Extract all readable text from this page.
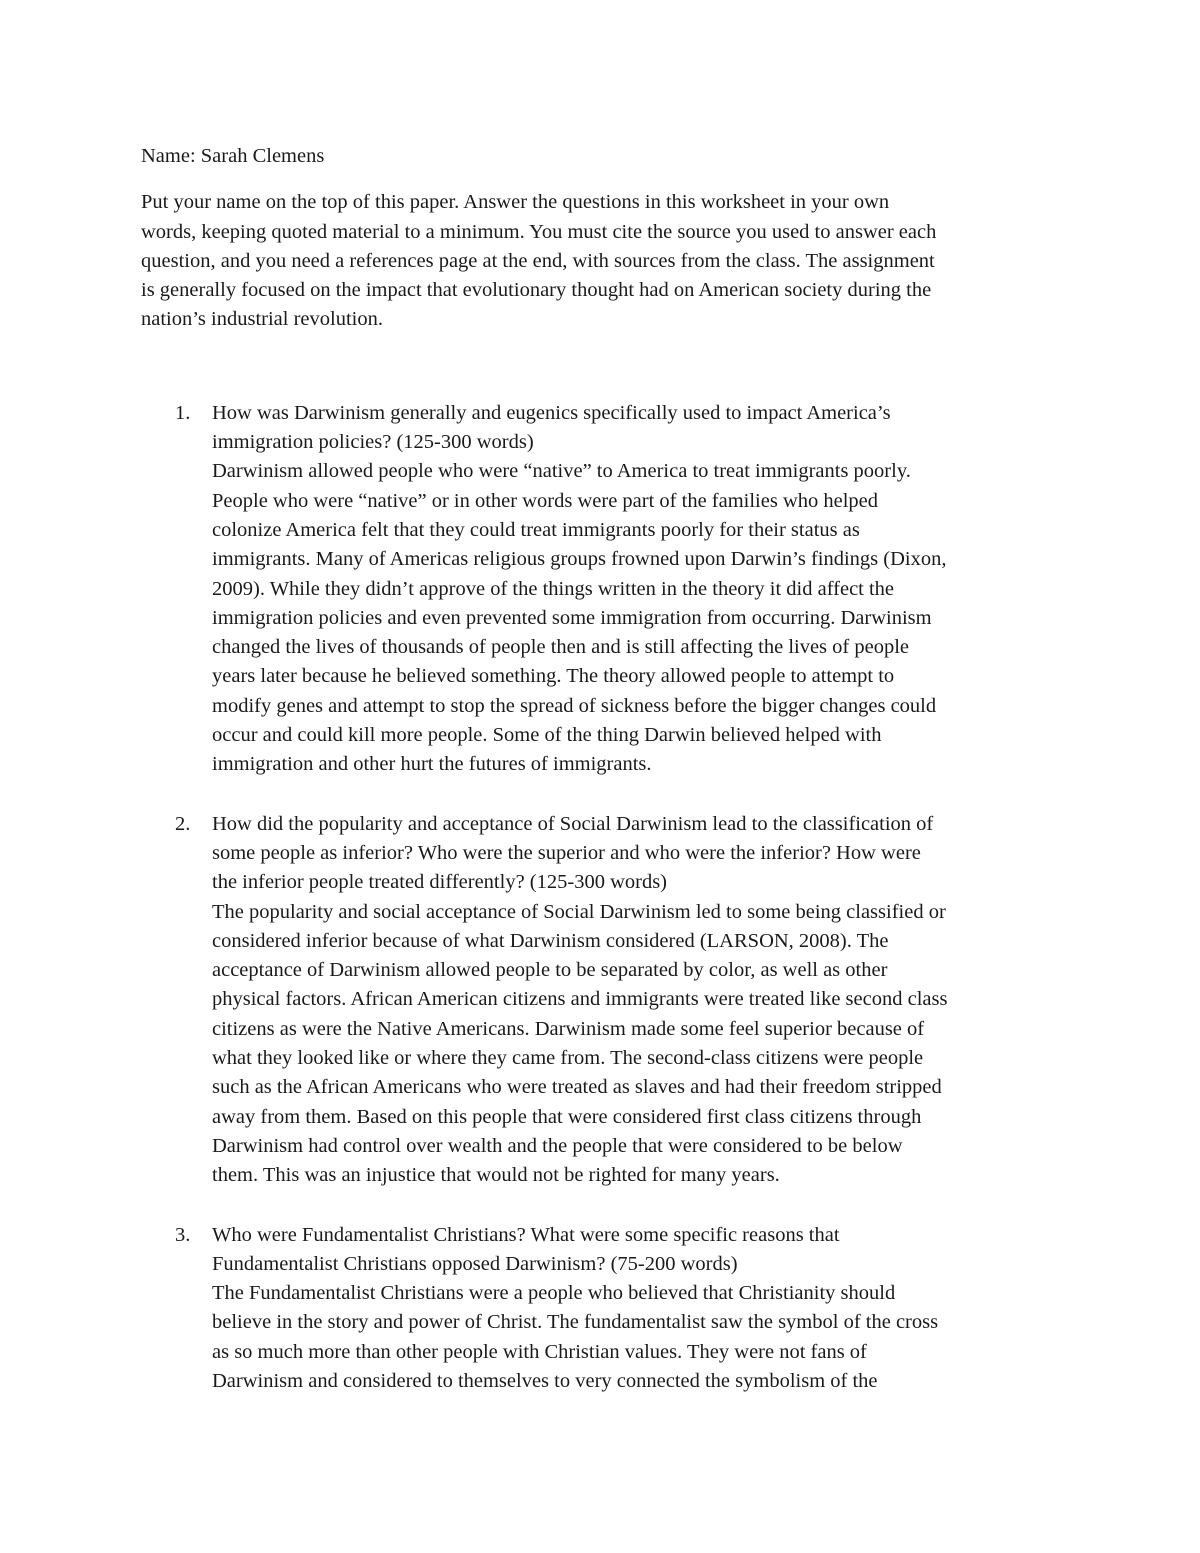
Name: Sarah Clemens
Put your name on the top of this paper. Answer the questions in this worksheet in your own
words, keeping quoted material to a minimum. You must cite the source you used to answer each
question, and you need a references page at the end, with sources from the class. The assignment
is generally focused on the impact that evolutionary thought had on American society during the
nation’s industrial revolution.
1. How was Darwinism generally and eugenics specifically used to impact America’s
immigration policies? (125-300 words)
Darwinism allowed people who were “native” to America to treat immigrants poorly.
People who were “native” or in other words were part of the families who helped
colonize America felt that they could treat immigrants poorly for their status as
immigrants. Many of Americas religious groups frowned upon Darwin’s findings (Dixon,
2009). While they didn’t approve of the things written in the theory it did affect the
immigration policies and even prevented some immigration from occurring. Darwinism
changed the lives of thousands of people then and is still affecting the lives of people
years later because he believed something. The theory allowed people to attempt to
modify genes and attempt to stop the spread of sickness before the bigger changes could
occur and could kill more people. Some of the thing Darwin believed helped with
immigration and other hurt the futures of immigrants.
2. How did the popularity and acceptance of Social Darwinism lead to the classification of
some people as inferior? Who were the superior and who were the inferior? How were
the inferior people treated differently? (125-300 words)
The popularity and social acceptance of Social Darwinism led to some being classified or
considered inferior because of what Darwinism considered (LARSON, 2008). The
acceptance of Darwinism allowed people to be separated by color, as well as other
physical factors. African American citizens and immigrants were treated like second class
citizens as were the Native Americans. Darwinism made some feel superior because of
what they looked like or where they came from. The second-class citizens were people
such as the African Americans who were treated as slaves and had their freedom stripped
away from them. Based on this people that were considered first class citizens through
Darwinism had control over wealth and the people that were considered to be below
them. This was an injustice that would not be righted for many years.
3. Who were Fundamentalist Christians? What were some specific reasons that
Fundamentalist Christians opposed Darwinism? (75-200 words)
The Fundamentalist Christians were a people who believed that Christianity should
believe in the story and power of Christ. The fundamentalist saw the symbol of the cross
as so much more than other people with Christian values. They were not fans of
Darwinism and considered to themselves to very connected the symbolism of the
